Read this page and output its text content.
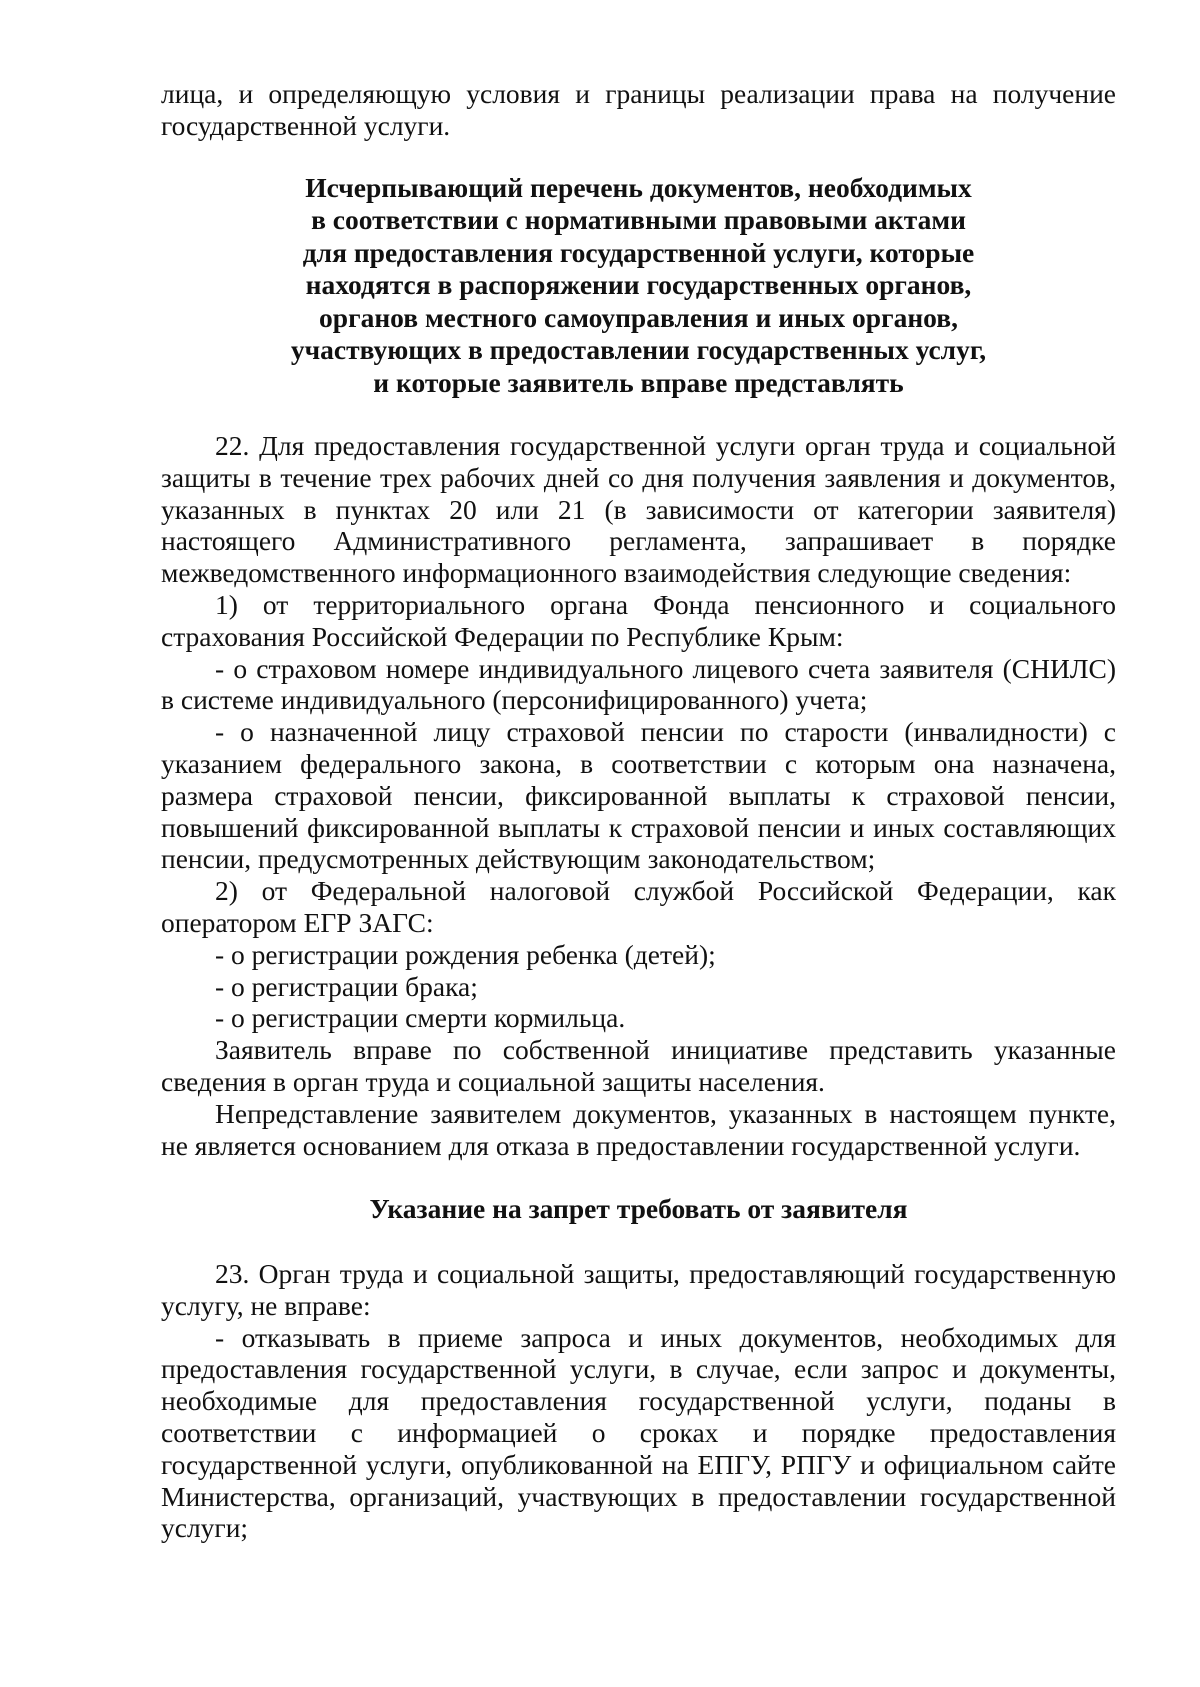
лица, и определяющую условия и границы реализации права на получение государственной услуги.

Исчерпывающий перечень документов, необходимых
в соответствии с нормативными правовыми актами
для предоставления государственной услуги, которые
находятся в распоряжении государственных органов,
органов местного самоуправления и иных органов,
участвующих в предоставлении государственных услуг,
и которые заявитель вправе представлять

22. Для предоставления государственной услуги орган труда и социальной защиты в течение трех рабочих дней со дня получения заявления и документов, указанных в пунктах 20 или 21 (в зависимости от категории заявителя) настоящего Административного регламента, запрашивает в порядке межведомственного информационного взаимодействия следующие сведения:

1) от территориального органа Фонда пенсионного и социального страхования Российской Федерации по Республике Крым:

- о страховом номере индивидуального лицевого счета заявителя (СНИЛС) в системе индивидуального (персонифицированного) учета;

- о назначенной лицу страховой пенсии по старости (инвалидности) с указанием федерального закона, в соответствии с которым она назначена, размера страховой пенсии, фиксированной выплаты к страховой пенсии, повышений фиксированной выплаты к страховой пенсии и иных составляющих пенсии, предусмотренных действующим законодательством;

2) от Федеральной налоговой службой Российской Федерации, как оператором ЕГР ЗАГС:

- о регистрации рождения ребенка (детей);

- о регистрации брака;

- о регистрации смерти кормильца.

Заявитель вправе по собственной инициативе представить указанные сведения в орган труда и социальной защиты населения.

Непредставление заявителем документов, указанных в настоящем пункте, не является основанием для отказа в предоставлении государственной услуги.

Указание на запрет требовать от заявителя

23. Орган труда и социальной защиты, предоставляющий государственную услугу, не вправе:

- отказывать в приеме запроса и иных документов, необходимых для предоставления государственной услуги, в случае, если запрос и документы, необходимые для предоставления государственной услуги, поданы в соответствии с информацией о сроках и порядке предоставления государственной услуги, опубликованной на ЕПГУ, РПГУ и официальном сайте Министерства, организаций, участвующих в предоставлении государственной услуги;
